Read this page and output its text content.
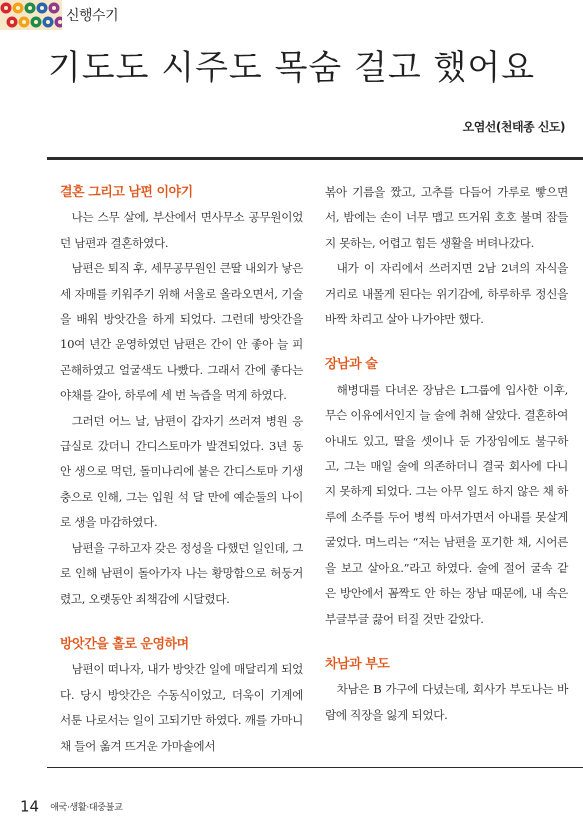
신행수기
기도도 시주도 목숨 걸고 했어요
오염선(천태종 신도)
결혼 그리고 남편 이야기

나는 스무 살에, 부산에서 면사무소 공무원이었던 남편과 결혼하였다.

남편은 퇴직 후, 세무공무원인 큰딸 내외가 낳은 세 자매를 키워주기 위해 서울로 올라오면서, 기술을 배워 방앗간을 하게 되었다. 그런데 방앗간을 10여 년간 운영하였던 남편은 간이 안 좋아 늘 피곤해하였고 얼굴색도 나빴다. 그래서 간에 좋다는 야채를 갈아, 하루에 세 번 녹즙을 먹게 하였다.

그러던 어느 날, 남편이 갑자기 쓰러져 병원 응급실로 갔더니 간디스토마가 발견되었다. 3년 동안 생으로 먹던, 돌미나리에 붙은 간디스토마 기생충으로 인해, 그는 입원 석 달 만에 예순둘의 나이로 생을 마감하였다.

남편을 구하고자 갖은 정성을 다했던 일인데, 그로 인해 남편이 돌아가자 나는 황망함으로 허둥거렸고, 오랫동안 죄책감에 시달렸다.

방앗간을 홀로 운영하며

남편이 떠나자, 내가 방앗간 일에 매달리게 되었다. 당시 방앗간은 수동식이었고, 더욱이 기계에 서툰 나로서는 일이 고되기만 하였다. 깨를 가마니 채 들어 옮겨 뜨거운 가마솥에서

볶아 기름을 짰고, 고추를 다듬어 가루로 빻으면서, 밤에는 손이 너무 맵고 뜨거워 호호 불며 잠들지 못하는, 어렵고 힘든 생활을 버텨나갔다.

내가 이 자리에서 쓰러지면 2남 2녀의 자식을 거리로 내몰게 된다는 위기감에, 하루하루 정신을 바짝 차리고 살아 나가야만 했다.

장남과 술

해병대를 다녀온 장남은 L그룹에 입사한 이후, 무슨 이유에서인지 늘 술에 취해 살았다. 결혼하여 아내도 있고, 딸을 셋이나 둔 가장임에도 불구하고, 그는 매일 술에 의존하더니 결국 회사에 다니지 못하게 되었다. 그는 아무 일도 하지 않은 채 하루에 소주를 두어 병씩 마셔가면서 아내를 못살게 굴었다. 며느리는 “저는 남편을 포기한 채, 시어른을 보고 살아요.”라고 하였다. 술에 절어 굴속 같은 방안에서 꼼짝도 안 하는 장남 때문에, 내 속은 부글부글 끓어 터질 것만 같았다.

차남과 부도

차남은 B 가구에 다녔는데, 회사가 부도나는 바람에 직장을 잃게 되었다.

14 애국·생활·대중불교
